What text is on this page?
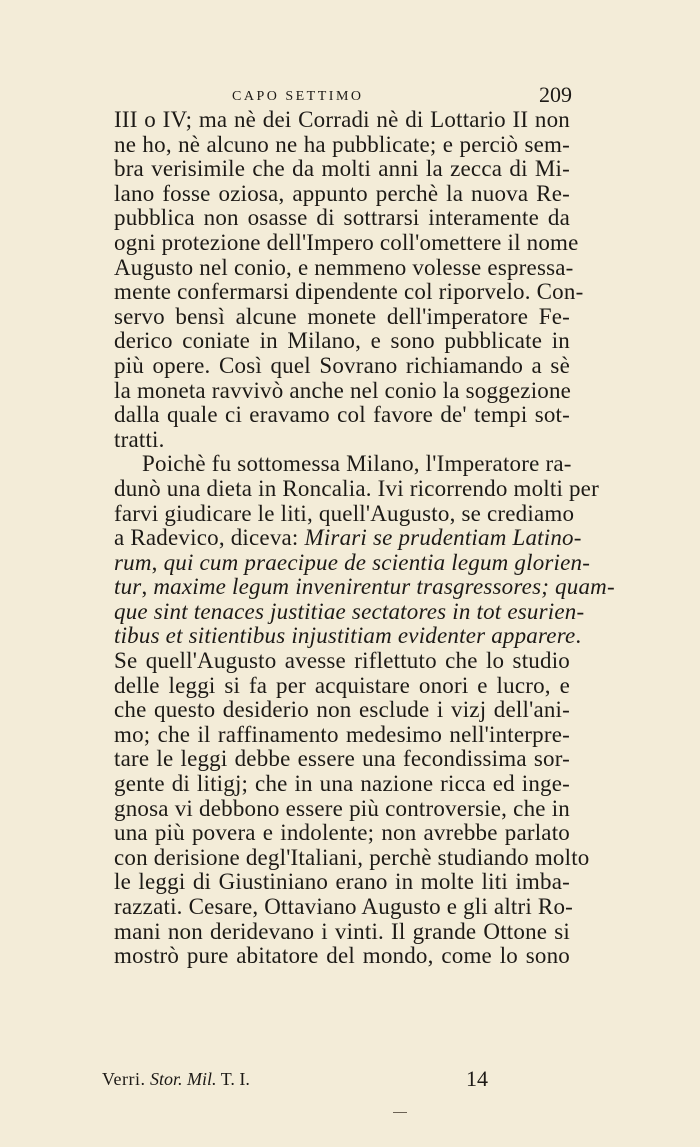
CAPO SETTIMO	209
III o IV; ma nè dei Corradi nè di Lottario II non
ne ho, nè alcuno ne ha pubblicate; e perciò sem-
bra verisimile che da molti anni la zecca di Mi-
lano fosse oziosa, appunto perchè la nuova Re-
pubblica non osasse di sottrarsi interamente da
ogni protezione dell'Impero coll'omettere il nome
Augusto nel conio, e nemmeno volesse espressa-
mente confermarsi dipendente col riporvelo. Con-
servo bensì alcune monete dell'imperatore Fe-
derico coniate in Milano, e sono pubblicate in
più opere. Così quel Sovrano richiamando a sè
la moneta ravvivò anche nel conio la soggezione
dalla quale ci eravamo col favore de' tempi sot-
tratti.
Poichè fu sottomessa Milano, l'Imperatore ra-
dunò una dieta in Roncalia. Ivi ricorrendo molti per
farvi giudicare le liti, quell'Augusto, se crediamo
a Radevico, diceva: Mirari se prudentiam Latino-
rum, qui cum praecipue de scientia legum glorien-
tur, maxime legum invenirentur trasgressores; quam-
que sint tenaces justitiae sectatores in tot esurien-
tibus et sitientibus injustitiam evidenter apparere.
Se quell'Augusto avesse riflettuto che lo studio
delle leggi si fa per acquistare onori e lucro, e
che questo desiderio non esclude i vizj dell'ani-
mo; che il raffinamento medesimo nell'interpre-
tare le leggi debbe essere una fecondissima sor-
gente di litigj; che in una nazione ricca ed inge-
gnosa vi debbono essere più controversie, che in
una più povera e indolente; non avrebbe parlato
con derisione degl'Italiani, perchè studiando molto
le leggi di Giustiniano erano in molte liti imba-
razzati. Cesare, Ottaviano Augusto e gli altri Ro-
mani non deridevano i vinti. Il grande Ottone si
mostrò pure abitatore del mondo, come lo sono
Verri. Stor. Mil. T. I.	14
